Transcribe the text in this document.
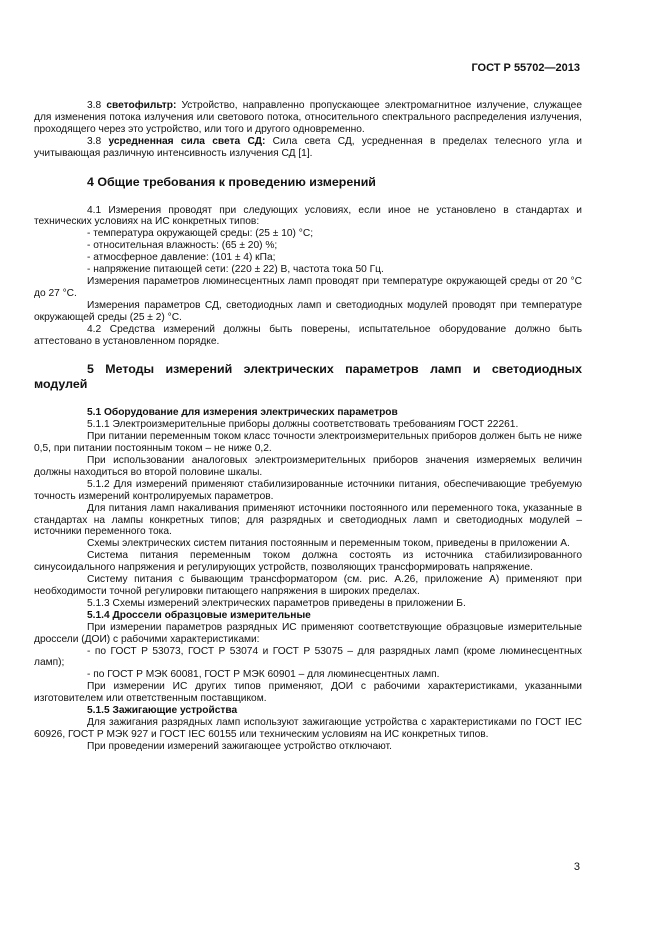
ГОСТ Р 55702—2013

3.8 светофильтр: Устройство, направленно пропускающее электромагнитное излучение, служащее для изменения потока излучения или светового потока, относительного спектрального распределения излучения, проходящего через это устройство, или того и другого одновременно.

3.8 усредненная сила света СД: Сила света СД, усредненная в пределах телесного угла и учитывающая различную интенсивность излучения СД [1].

4 Общие требования к проведению измерений

4.1 Измерения проводят при следующих условиях, если иное не установлено в стандартах и технических условиях на ИС конкретных типов:

- температура окружающей среды: (25 ± 10) °С;

- относительная влажность: (65 ± 20) %;

- атмосферное давление: (101 ± 4) кПа;

- напряжение питающей сети: (220 ± 22) В, частота тока 50 Гц.

Измерения параметров люминесцентных ламп проводят при температуре окружающей среды от 20 °С до 27 °С.

Измерения параметров СД, светодиодных ламп и светодиодных модулей проводят при температуре окружающей среды (25 ± 2) °С.

4.2 Средства измерений должны быть поверены, испытательное оборудование должно быть аттестовано в установленном порядке.

5 Методы измерений электрических параметров ламп и светодиодных модулей

5.1 Оборудование для измерения электрических параметров

5.1.1 Электроизмерительные приборы должны соответствовать требованиям ГОСТ 22261.

При питании переменным током класс точности электроизмерительных приборов должен быть не ниже 0,5, при питании постоянным током – не ниже 0,2.

При использовании аналоговых электроизмерительных приборов значения измеряемых величин должны находиться во второй половине шкалы.

5.1.2 Для измерений применяют стабилизированные источники питания, обеспечивающие требуемую точность измерений контролируемых параметров.

Для питания ламп накаливания применяют источники постоянного или переменного тока, указанные в стандартах на лампы конкретных типов; для разрядных и светодиодных ламп и светодиодных модулей – источники переменного тока.

Схемы электрических систем питания постоянным и переменным током, приведены в приложении А.

Система питания переменным током должна состоять из источника стабилизированного синусоидального напряжения и регулирующих устройств, позволяющих трансформировать напряжение.

Систему питания с бывающим трансформатором (см. рис. А.26, приложение А) применяют при необходимости точной регулировки питающего напряжения в широких пределах.

5.1.3 Схемы измерений электрических параметров приведены в приложении Б.

5.1.4 Дроссели образцовые измерительные

При измерении параметров разрядных ИС применяют соответствующие образцовые измерительные дроссели (ДОИ) с рабочими характеристиками:

- по ГОСТ Р 53073, ГОСТ Р 53074 и ГОСТ Р 53075 – для разрядных ламп (кроме люминесцентных ламп);

- по ГОСТ Р МЭК 60081, ГОСТ Р МЭК 60901 – для люминесцентных ламп.

При измерении ИС других типов применяют, ДОИ с рабочими характеристиками, указанными изготовителем или ответственным поставщиком.

5.1.5 Зажигающие устройства

Для зажигания разрядных ламп используют зажигающие устройства с характеристиками по ГОСТ IEC 60926, ГОСТ Р МЭК 927 и ГОСТ IEC 60155 или техническим условиям на ИС конкретных типов.

При проведении измерений зажигающее устройство отключают.

3
